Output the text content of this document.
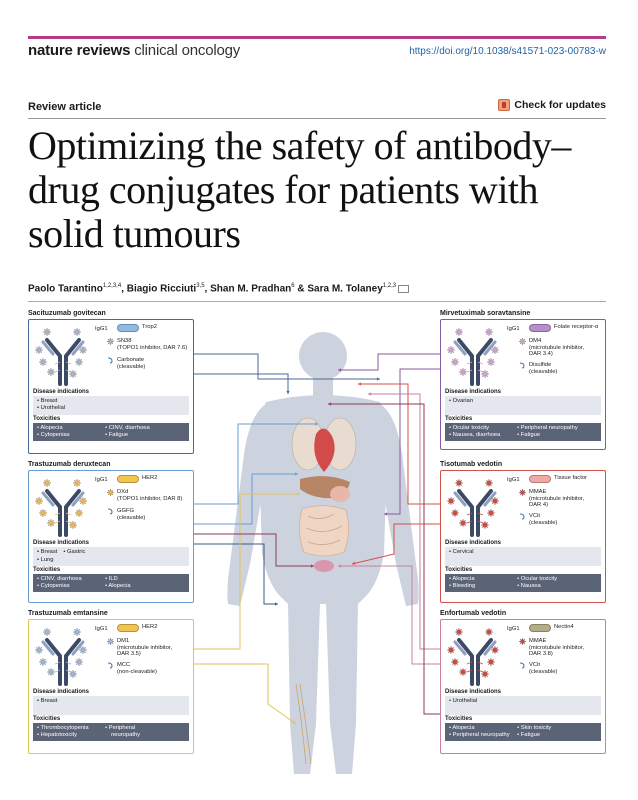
nature reviews clinical oncology	https://doi.org/10.1038/s41571-023-00783-w
Review article	Check for updates
Optimizing the safety of antibody–drug conjugates for patients with solid tumours
Paolo Tarantino$^{1,2,3,4}$, Biagio Ricciuti$^{3,5}$, Shan M. Pradhan$^6$ & Sara M. Tolaney$^{1,2,3}$
Sacituzumab govitecan
IgG1	Trop2
SN38
(TOPO1 inhibitor, DAR 7.6)
Carbonate
(cleavable)
Disease indications
• Breast
• Urothelial
Toxicities
• Alopecia	• CINV, diarrhoea
• Cytopenias	• Fatigue
Trastuzumab deruxtecan
IgG1	HER2
DXd
(TOPO1 inhibitor, DAR 8)
GGFG
(cleavable)
Disease indications
• Breast	• Gastric
• Lung
Toxicities
• CINV, diarrhoea	• ILD
• Cytopenias	• Alopecia
Trastuzumab emtansine
IgG1	HER2
DM1
(microtubule inhibitor,
DAR 3.5)
MCC
(non-cleavable)
Disease indications
• Breast
Toxicities
• Thrombocytopenia	• Peripheral
• Hepatotoxicity	neuropathy
Mirvetuximab soravtansine
IgG1	Folate receptor-α
DM4
(microtubule inhibitor,
DAR 3.4)
Disulfide
(cleavable)
Disease indications
• Ovarian
Toxicities
• Ocular toxicity	• Peripheral neuropathy
• Nausea, diarrhoea	• Fatigue
Tisotumab vedotin
IgG1	Tissue factor
MMAE
(microtubule inhibitor,
DAR 4)
VCit
(cleavable)
Disease indications
• Cervical
Toxicities
• Alopecia	• Ocular toxicity
• Bleeding	• Nausea
Enfortumab vedotin
IgG1	Nectin4
MMAE
(microtubule inhibitor,
DAR 3.8)
VCit
(cleavable)
Disease indications
• Urothelial
Toxicities
• Alopecia	• Skin toxicity
• Peripheral neuropathy	• Fatigue
